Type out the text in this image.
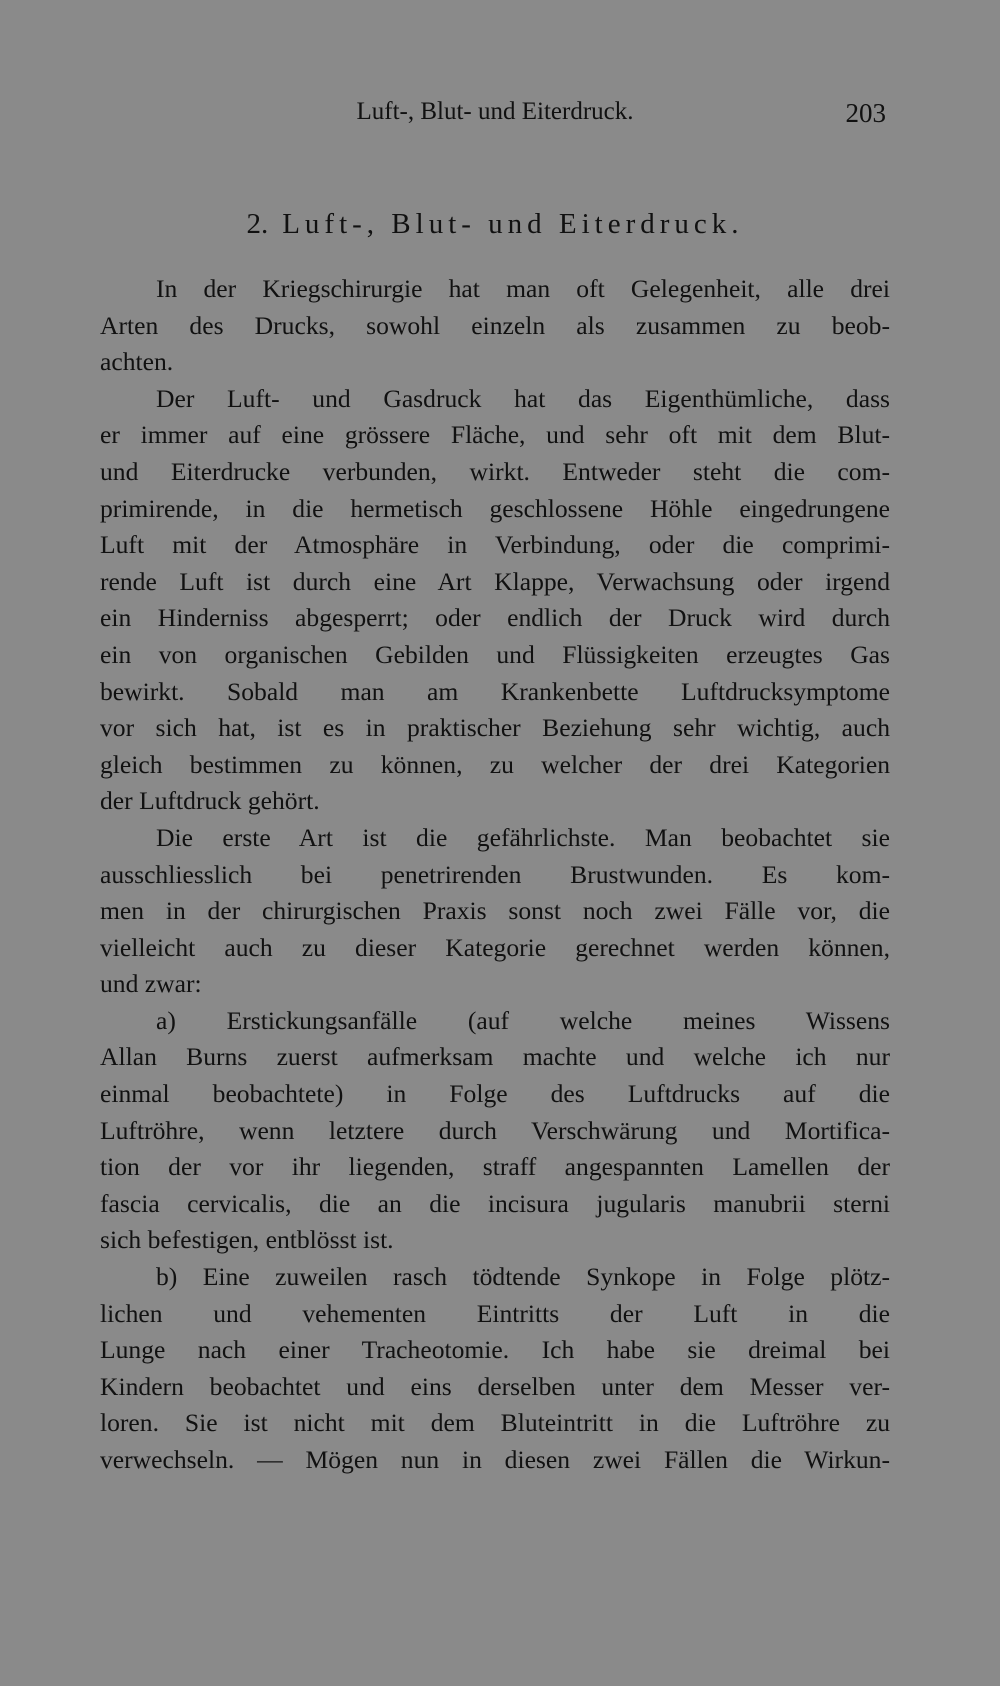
Luft-, Blut- und Eiterdruck.	203
2. Luft-, Blut- und Eiterdruck.
In der Kriegschirurgie hat man oft Gelegenheit, alle drei
Arten des Drucks, sowohl einzeln als zusammen zu beob-
achten.
Der Luft- und Gasdruck hat das Eigenthümliche, dass
er immer auf eine grössere Fläche, und sehr oft mit dem Blut-
und Eiterdrucke verbunden, wirkt. Entweder steht die com-
primirende, in die hermetisch geschlossene Höhle eingedrungene
Luft mit der Atmosphäre in Verbindung, oder die comprimi-
rende Luft ist durch eine Art Klappe, Verwachsung oder irgend
ein Hinderniss abgesperrt; oder endlich der Druck wird durch
ein von organischen Gebilden und Flüssigkeiten erzeugtes Gas
bewirkt. Sobald man am Krankenbette Luftdrucksymptome
vor sich hat, ist es in praktischer Beziehung sehr wichtig, auch
gleich bestimmen zu können, zu welcher der drei Kategorien
der Luftdruck gehört.
Die erste Art ist die gefährlichste. Man beobachtet sie
ausschliesslich bei penetrirenden Brustwunden. Es kom-
men in der chirurgischen Praxis sonst noch zwei Fälle vor, die
vielleicht auch zu dieser Kategorie gerechnet werden können,
und zwar:
a) Erstickungsanfälle (auf welche meines Wissens
Allan Burns zuerst aufmerksam machte und welche ich nur
einmal beobachtete) in Folge des Luftdrucks auf die
Luftröhre, wenn letztere durch Verschwärung und Mortifica-
tion der vor ihr liegenden, straff angespannten Lamellen der
fascia cervicalis, die an die incisura jugularis manubrii sterni
sich befestigen, entblösst ist.
b) Eine zuweilen rasch tödtende Synkope in Folge plötz-
lichen und vehementen Eintritts der Luft in die
Lunge nach einer Tracheotomie. Ich habe sie dreimal bei
Kindern beobachtet und eins derselben unter dem Messer ver-
loren. Sie ist nicht mit dem Bluteintritt in die Luftröhre zu
verwechseln. — Mögen nun in diesen zwei Fällen die Wirkun-
